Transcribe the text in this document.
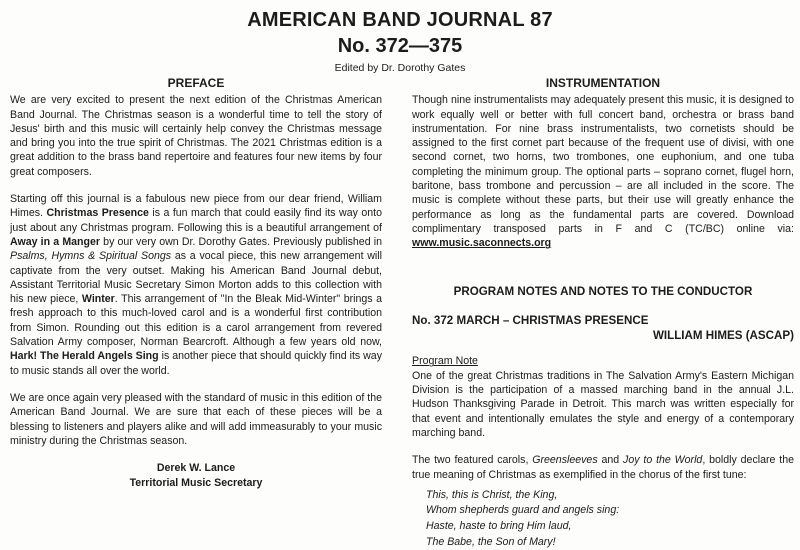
AMERICAN BAND JOURNAL 87
No. 372—375
Edited by Dr. Dorothy Gates
PREFACE

We are very excited to present the next edition of the Christmas American Band Journal. The Christmas season is a wonderful time to tell the story of Jesus' birth and this music will certainly help convey the Christmas message and bring you into the true spirit of Christmas. The 2021 Christmas edition is a great addition to the brass band repertoire and features four new items by four great composers.

Starting off this journal is a fabulous new piece from our dear friend, William Himes. Christmas Presence is a fun march that could easily find its way onto just about any Christmas program. Following this is a beautiful arrangement of Away in a Manger by our very own Dr. Dorothy Gates. Previously published in Psalms, Hymns & Spiritual Songs as a vocal piece, this new arrangement will captivate from the very outset. Making his American Band Journal debut, Assistant Territorial Music Secretary Simon Morton adds to this collection with his new piece, Winter. This arrangement of "In the Bleak Mid-Winter" brings a fresh approach to this much-loved carol and is a wonderful first contribution from Simon. Rounding out this edition is a carol arrangement from revered Salvation Army composer, Norman Bearcroft. Although a few years old now, Hark! The Herald Angels Sing is another piece that should quickly find its way to music stands all over the world.

We are once again very pleased with the standard of music in this edition of the American Band Journal. We are sure that each of these pieces will be a blessing to listeners and players alike and will add immeasurably to your music ministry during the Christmas season.

Derek W. Lance
Territorial Music Secretary
INSTRUMENTATION

Though nine instrumentalists may adequately present this music, it is designed to work equally well or better with full concert band, orchestra or brass band instrumentation. For nine brass instrumentalists, two cornetists should be assigned to the first cornet part because of the frequent use of divisi, with one second cornet, two horns, two trombones, one euphonium, and one tuba completing the minimum group. The optional parts – soprano cornet, flugel horn, baritone, bass trombone and percussion – are all included in the score. The music is complete without these parts, but their use will greatly enhance the performance as long as the fundamental parts are covered. Download complimentary transposed parts in F and C (TC/BC) online via: www.music.saconnects.org

PROGRAM NOTES AND NOTES TO THE CONDUCTOR
No. 372 MARCH – CHRISTMAS PRESENCE
WILLIAM HIMES (ASCAP)
Program Note

One of the great Christmas traditions in The Salvation Army's Eastern Michigan Division is the participation of a massed marching band in the annual J.L. Hudson Thanksgiving Parade in Detroit. This march was written especially for that event and intentionally emulates the style and energy of a contemporary marching band.

The two featured carols, Greensleeves and Joy to the World, boldly declare the true meaning of Christmas as exemplified in the chorus of the first tune:

This, this is Christ, the King,
Whom shepherds guard and angels sing:
Haste, haste to bring Him laud,
The Babe, the Son of Mary!
